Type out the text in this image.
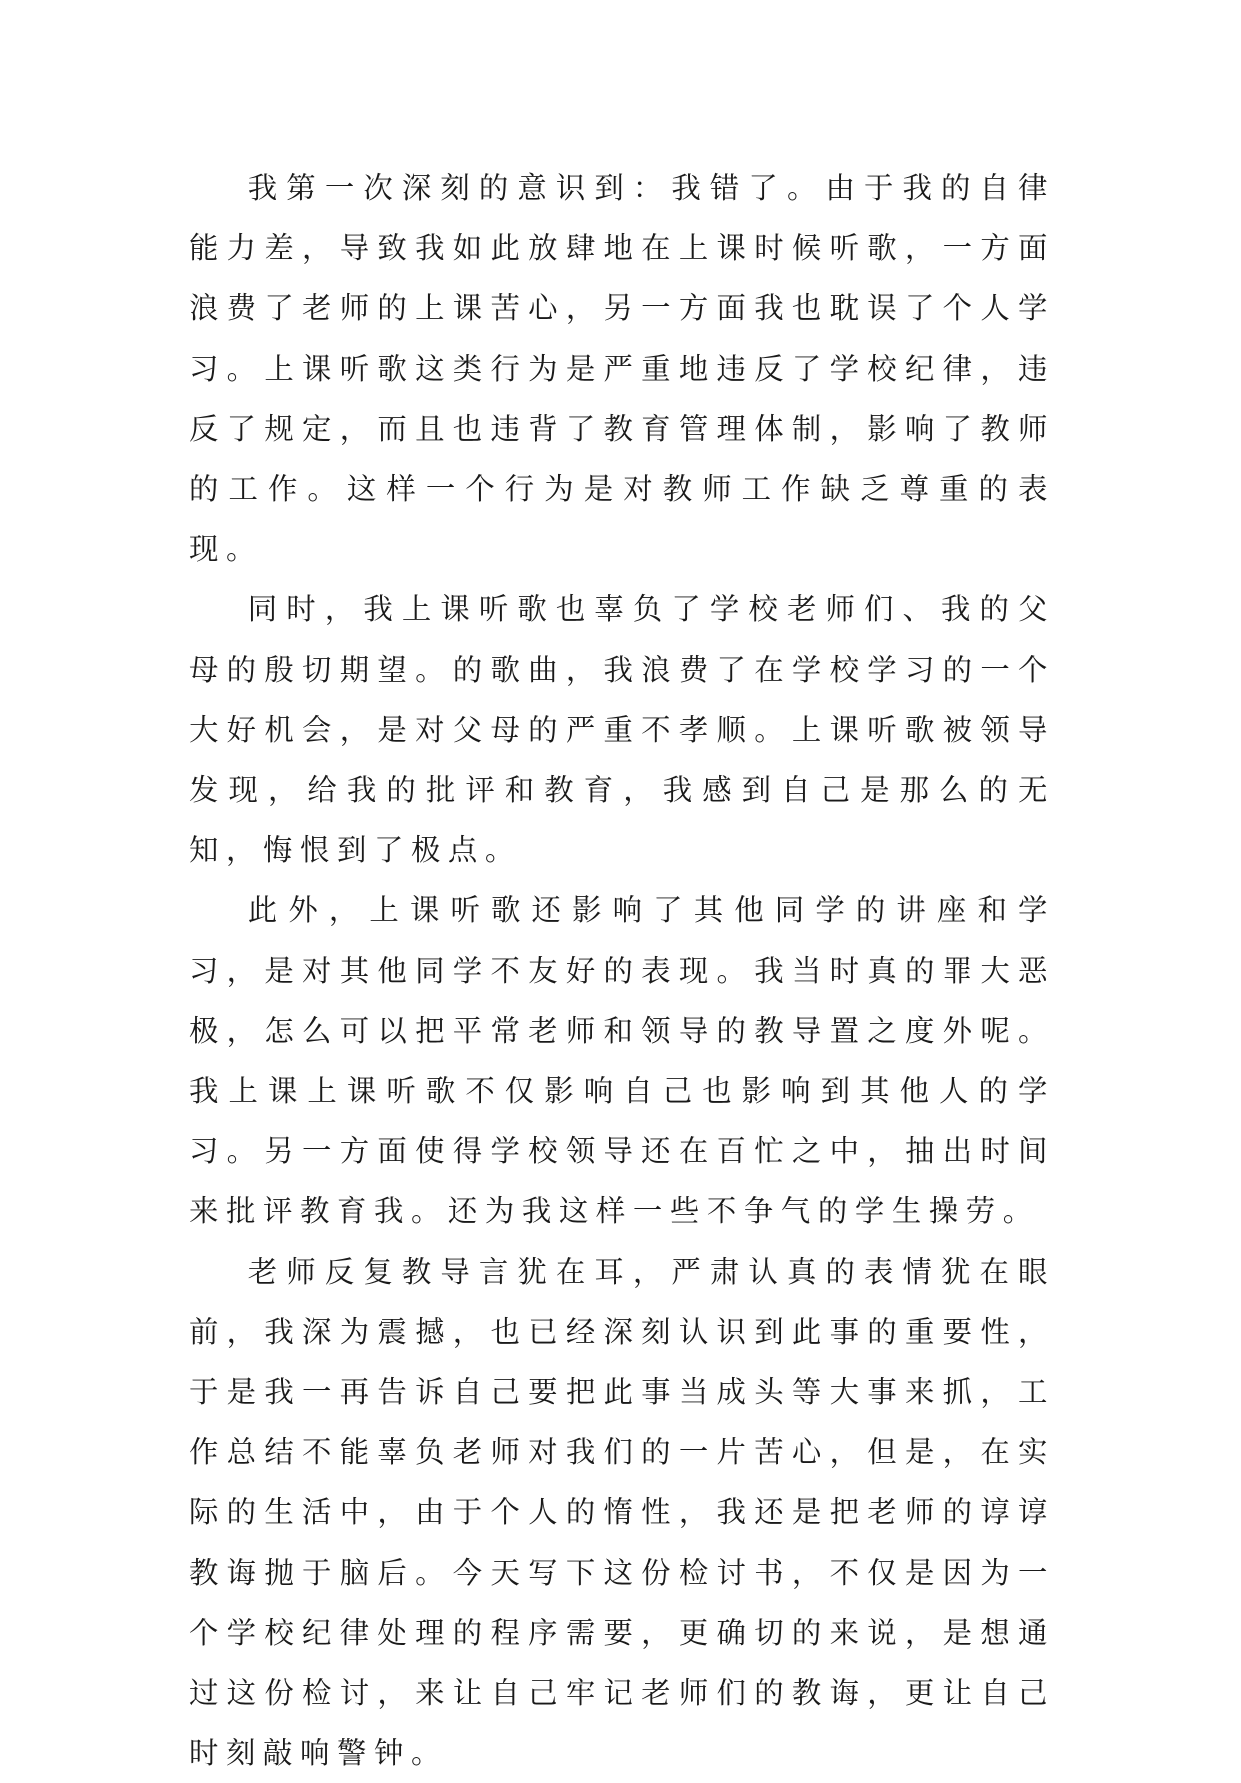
我第一次深刻的意识到：我错了。由于我的自律能力差，导致我如此放肆地在上课时候听歌，一方面浪费了老师的上课苦心，另一方面我也耽误了个人学习。上课听歌这类行为是严重地违反了学校纪律，违反了规定，而且也违背了教育管理体制，影响了教师的工作。这样一个行为是对教师工作缺乏尊重的表现。

同时，我上课听歌也辜负了学校老师们、我的父母的殷切期望。的歌曲，我浪费了在学校学习的一个大好机会，是对父母的严重不孝顺。上课听歌被领导发现，给我的批评和教育，我感到自己是那么的无知，悔恨到了极点。

此外，上课听歌还影响了其他同学的讲座和学习，是对其他同学不友好的表现。我当时真的罪大恶极，怎么可以把平常老师和领导的教导置之度外呢。我上课上课听歌不仅影响自己也影响到其他人的学习。另一方面使得学校领导还在百忙之中，抽出时间来批评教育我。还为我这样一些不争气的学生操劳。

老师反复教导言犹在耳，严肃认真的表情犹在眼前，我深为震撼，也已经深刻认识到此事的重要性，于是我一再告诉自己要把此事当成头等大事来抓，工作总结不能辜负老师对我们的一片苦心，但是，在实际的生活中，由于个人的惰性，我还是把老师的谆谆教诲抛于脑后。今天写下这份检讨书，不仅是因为一个学校纪律处理的程序需要，更确切的来说，是想通过这份检讨，来让自己牢记老师们的教诲，更让自己时刻敲响警钟。
